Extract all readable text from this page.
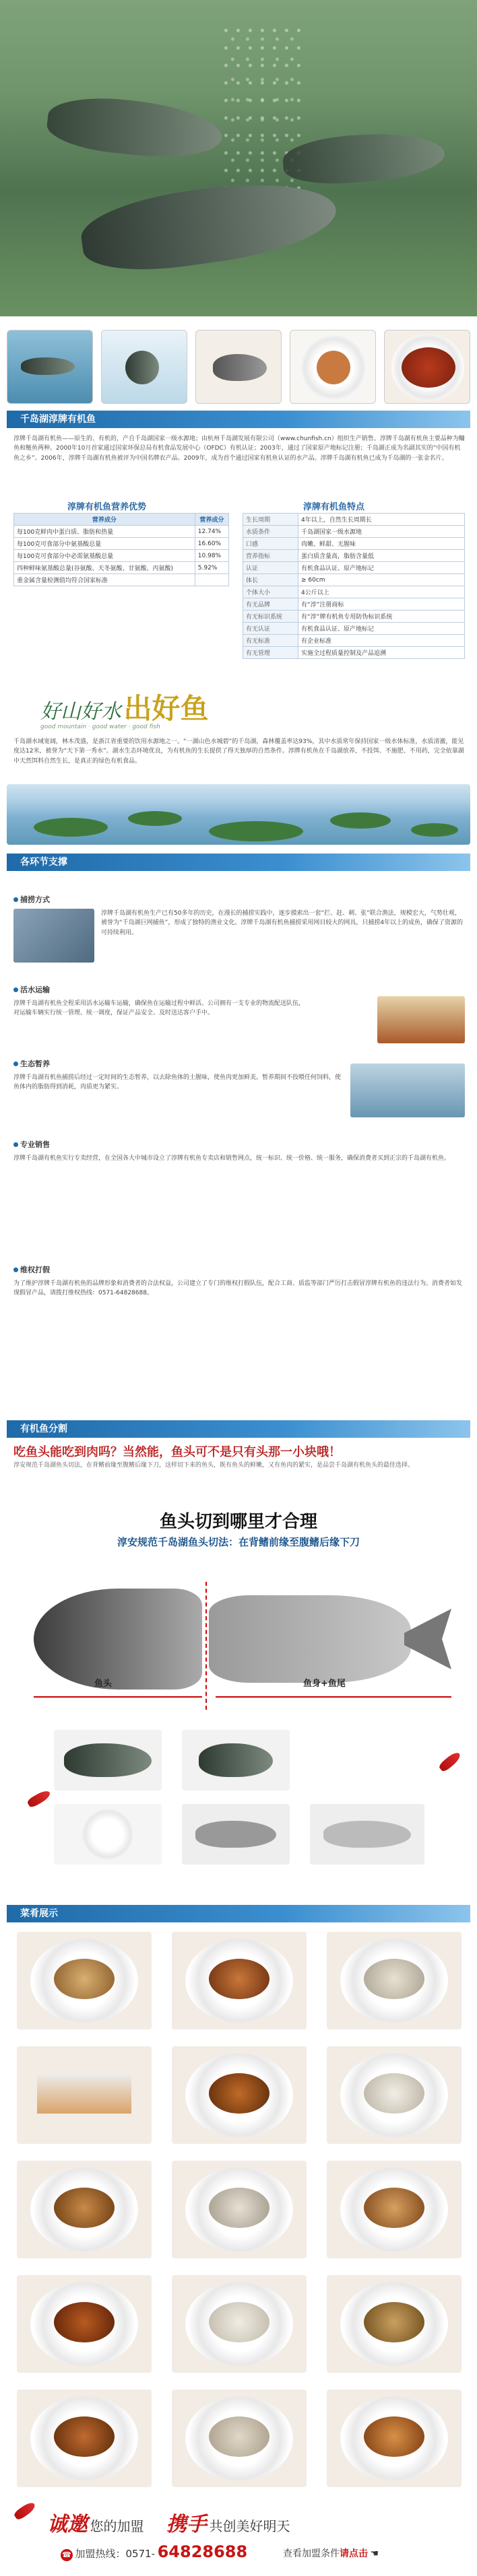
千岛湖淳牌有机鱼
淳牌千岛湖有机鱼——原生的、有机的，产自千岛湖国家一级水源地；由杭州千岛湖发展有限公司（www.chunfish.cn）组织生产销售。淳牌千岛湖有机鱼主要品种为鳙鱼和鲢鱼两种。2000年10月首家通过国家环保总局有机食品发展中心（OFDC）有机认证；2003年，通过了国家原产地标记注册；千岛湖正成为名副其实的“中国有机鱼之乡”。2006年，淳牌千岛湖有机鱼被评为中国名牌农产品。2009年，成为首个通过国家有机鱼认证的水产品。淳牌千岛湖有机鱼已成为千岛湖的一张金名片。
淳牌有机鱼营养优势
营养成分	营养成分
每100克鲜肉中蛋白质、脂肪和热量	12.74%
每100克可食部分中氨基酸总量	16.60%
每100克可食部分中必需氨基酸总量	10.98%
四种鲜味氨基酸总量(谷氨酸、天冬氨酸、甘氨酸、丙氨酸)	5.92%
重金属含量检测值均符合国家标准	
淳牌有机鱼特点
生长周期	4年以上，自然生长周期长
水质条件	千岛湖国家一级水源地
口感	肉嫩、鲜甜、无腥味
营养指标	蛋白质含量高，脂肪含量低
认证	有机食品认证、原产地标记
体长	≥ 60cm
个体大小	4公斤以上
有无品牌	有“淳”注册商标
有无标识系统	有“淳”牌有机鱼专用防伪标识系统
有无认证	有机食品认证、原产地标记
有无标准	有企业标准
有无管理	实施全过程质量控制及产品追溯
好山好水 出好鱼
good mountain · good water · good fish
千岛湖水域宽阔，林木茂盛，是浙江省重要的饮用水源地之一。“一湖山色水城碧”的千岛湖，森林覆盖率达93%，其中水质常年保持国家一级水体标准，水质清澈，能见度达12米，被誉为“天下第一秀水”。湖水生态环境优良，为有机鱼的生长提供了得天独厚的自然条件。淳牌有机鱼在千岛湖放养，不投饵、不施肥、不用药，完全依靠湖中天然饵料自然生长，是真正的绿色有机食品。
各环节支撑
捕捞方式
淳牌千岛湖有机鱼生产已有50多年的历史，在漫长的捕捞实践中，逐步摸索出一套“拦、赶、刺、张”联合渔法，规模宏大，气势壮观，被誉为“千岛湖巨网捕鱼”，形成了独特的渔业文化。淳牌千岛湖有机鱼捕捞采用网目较大的网具，只捕捞4年以上的成鱼，确保了资源的可持续利用。
活水运输
淳牌千岛湖有机鱼全程采用活水运输车运输，确保鱼在运输过程中鲜活。公司拥有一支专业的物流配送队伍，对运输车辆实行统一管理、统一调度，保证产品安全、及时送达客户手中。
生态暂养
淳牌千岛湖有机鱼捕捞后经过一定时间的生态暂养，以去除鱼体的土腥味，使鱼肉更加鲜美。暂养期间不投喂任何饲料，使鱼体内的脂肪得到消耗，肉质更为紧实。
专业销售
淳牌千岛湖有机鱼实行专卖经营，在全国各大中城市设立了淳牌有机鱼专卖店和销售网点，统一标识、统一价格、统一服务，确保消费者买到正宗的千岛湖有机鱼。
维权打假
为了维护淳牌千岛湖有机鱼的品牌形象和消费者的合法权益，公司建立了专门的维权打假队伍，配合工商、质监等部门严厉打击假冒淳牌有机鱼的违法行为。消费者如发现假冒产品，请拨打维权热线：0571-64828688。
有机鱼分割
吃鱼头能吃到肉吗？当然能，鱼头可不是只有头那一小块哦！
淳安规范千岛湖鱼头切法，在背鳍前缘至腹鳍后缘下刀，这样切下来的鱼头，既有鱼头的鲜嫩，又有鱼肉的紧实，是品尝千岛湖有机鱼头的最佳选择。
鱼头切到哪里才合理
淳安规范千岛湖鱼头切法：在背鳍前缘至腹鳍后缘下刀
鱼头	鱼身+鱼尾
菜肴展示
诚邀 您的加盟 携手 共创美好明天
☎ 加盟热线：0571- 64828688	查看加盟条件请点击 ☚
